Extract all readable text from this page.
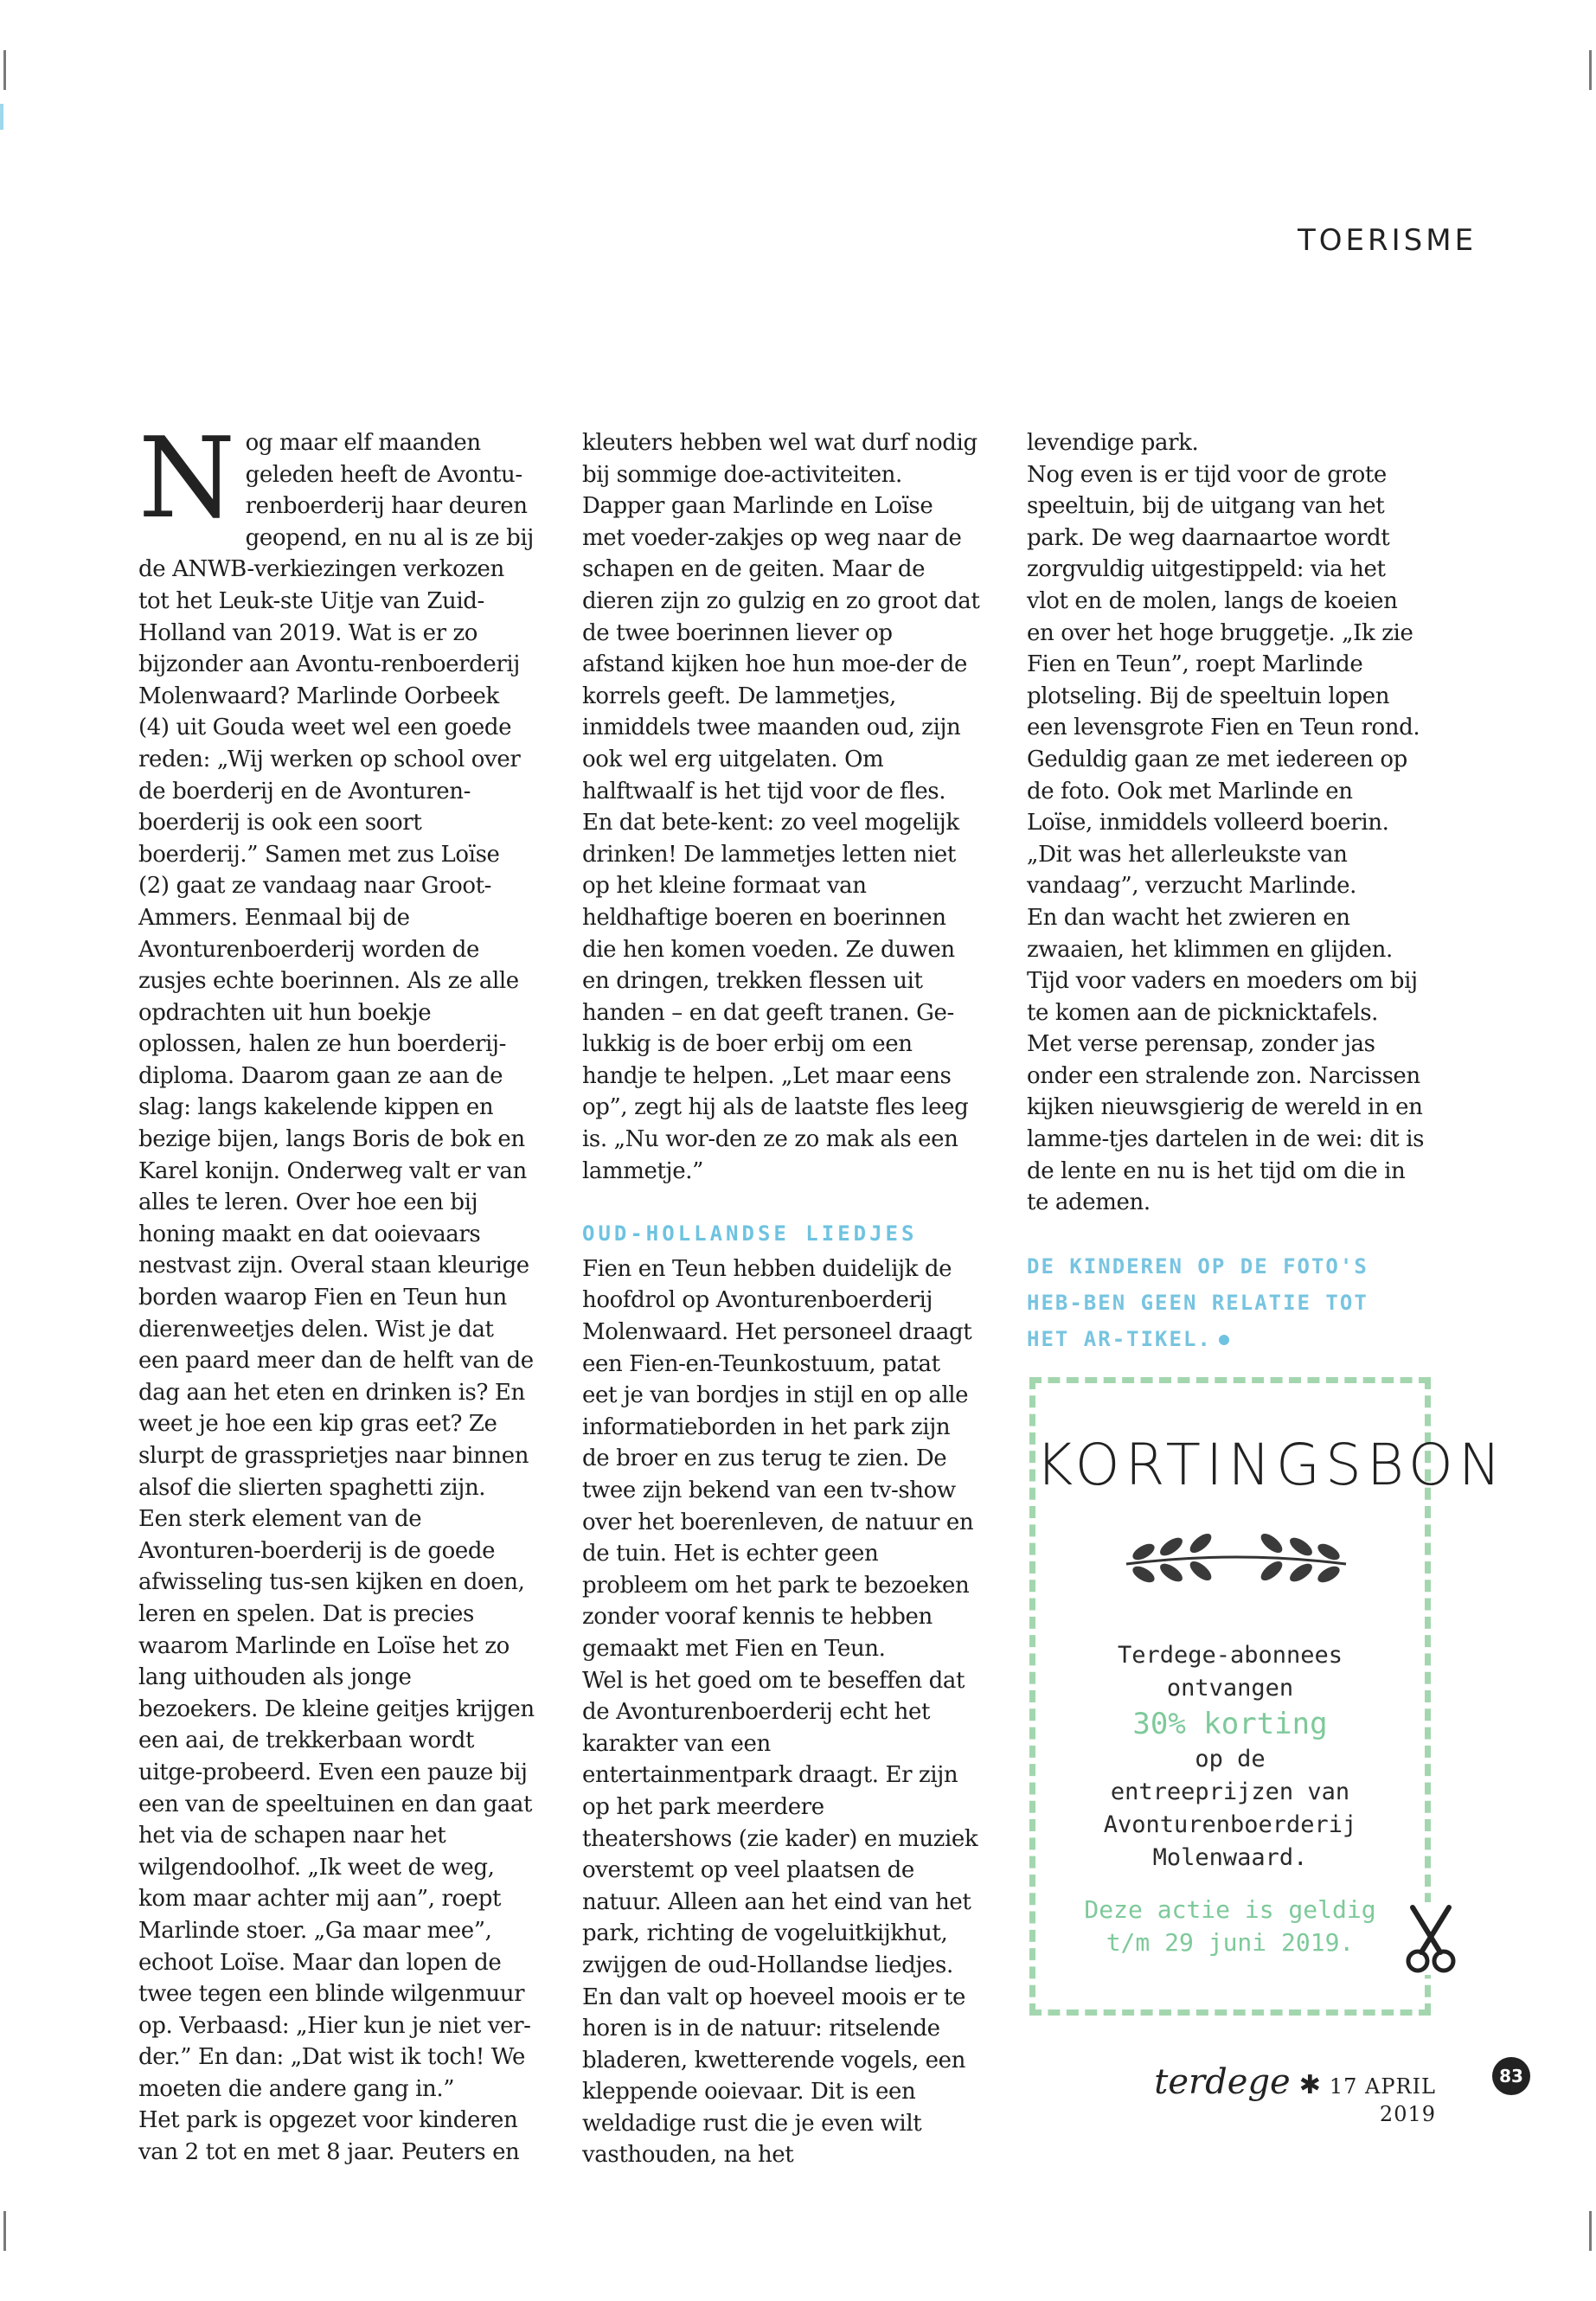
TOERISME

Nog maar elf maanden geleden heeft de Avontu-renboerderij haar deuren geopend, en nu al is ze bij de ANWB-verkiezingen verkozen tot het Leuk-ste Uitje van Zuid-Holland van 2019. Wat is er zo bijzonder aan Avontu-renboerderij Molenwaard? Marlinde Oorbeek (4) uit Gouda weet wel een goede reden: „Wij werken op school over de boerderij en de Avonturen-boerderij is ook een soort boerderij.” Samen met zus Loïse (2) gaat ze vandaag naar Groot-Ammers. Eenmaal bij de Avonturenboerderij worden de zusjes echte boerinnen. Als ze alle opdrachten uit hun boekje oplossen, halen ze hun boerderij-diploma. Daarom gaan ze aan de slag: langs kakelende kippen en bezige bijen, langs Boris de bok en Karel konijn. Onderweg valt er van alles te leren. Over hoe een bij honing maakt en dat ooievaars nestvast zijn. Overal staan kleurige borden waarop Fien en Teun hun dierenweetjes delen. Wist je dat een paard meer dan de helft van de dag aan het eten en drinken is? En weet je hoe een kip gras eet? Ze slurpt de grassprietjes naar binnen alsof die slierten spaghetti zijn.

Een sterk element van de Avonturen-boerderij is de goede afwisseling tus-sen kijken en doen, leren en spelen. Dat is precies waarom Marlinde en Loïse het zo lang uithouden als jonge bezoekers. De kleine geitjes krijgen een aai, de trekkerbaan wordt uitge-probeerd. Even een pauze bij een van de speeltuinen en dan gaat het via de schapen naar het wilgendoolhof. „Ik weet de weg, kom maar achter mij aan”, roept Marlinde stoer. „Ga maar mee”, echoot Loïse. Maar dan lopen de twee tegen een blinde wilgenmuur op. Verbaasd: „Hier kun je niet ver-der.” En dan: „Dat wist ik toch! We moeten die andere gang in.”

Het park is opgezet voor kinderen van 2 tot en met 8 jaar. Peuters en

kleuters hebben wel wat durf nodig bij sommige doe-activiteiten. Dapper gaan Marlinde en Loïse met voeder-zakjes op weg naar de schapen en de geiten. Maar de dieren zijn zo gulzig en zo groot dat de twee boerinnen liever op afstand kijken hoe hun moe-der de korrels geeft. De lammetjes, inmiddels twee maanden oud, zijn ook wel erg uitgelaten. Om halftwaalf is het tijd voor de fles. En dat bete-kent: zo veel mogelijk drinken! De lammetjes letten niet op het kleine formaat van heldhaftige boeren en boerinnen die hen komen voeden. Ze duwen en dringen, trekken flessen uit handen – en dat geeft tranen. Ge-lukkig is de boer erbij om een handje te helpen. „Let maar eens op”, zegt hij als de laatste fles leeg is. „Nu wor-den ze zo mak als een lammetje.”

OUD-HOLLANDSE LIEDJES

Fien en Teun hebben duidelijk de hoofdrol op Avonturenboerderij Molenwaard. Het personeel draagt een Fien-en-Teunkostuum, patat eet je van bordjes in stijl en op alle informatieborden in het park zijn de broer en zus terug te zien. De twee zijn bekend van een tv-show over het boerenleven, de natuur en de tuin. Het is echter geen probleem om het park te bezoeken zonder vooraf kennis te hebben gemaakt met Fien en Teun.

Wel is het goed om te beseffen dat de Avonturenboerderij echt het karakter van een entertainmentpark draagt. Er zijn op het park meerdere theatershows (zie kader) en muziek overstemt op veel plaatsen de natuur. Alleen aan het eind van het park, richting de vogeluitkijkhut, zwijgen de oud-Hollandse liedjes. En dan valt op hoeveel moois er te horen is in de natuur: ritselende bladeren, kwetterende vogels, een kleppende ooievaar. Dit is een weldadige rust die je even wilt vasthouden, na het

levendige park.

Nog even is er tijd voor de grote speeltuin, bij de uitgang van het park. De weg daarnaartoe wordt zorgvuldig uitgestippeld: via het vlot en de molen, langs de koeien en over het hoge bruggetje. „Ik zie Fien en Teun”, roept Marlinde plotseling. Bij de speeltuin lopen een levensgrote Fien en Teun rond. Geduldig gaan ze met iedereen op de foto. Ook met Marlinde en Loïse, inmiddels volleerd boerin. „Dit was het allerleukste van vandaag”, verzucht Marlinde.

En dan wacht het zwieren en zwaaien, het klimmen en glijden. Tijd voor vaders en moeders om bij te komen aan de picknicktafels. Met verse perensap, zonder jas onder een stralende zon. Narcissen kijken nieuwsgierig de wereld in en lamme-tjes dartelen in de wei: dit is de lente en nu is het tijd om die in te ademen.

DE KINDEREN OP DE FOTO'S HEB-BEN GEEN RELATIE TOT HET AR-TIKEL.
KORTINGSBON
Terdege-abonnees
ontvangen
30% korting
op de
entreeprijzen van
Avonturenboerderij
Molenwaard.
Deze actie is geldig
t/m 29 juni 2019.
terdege ✱ 17 APRIL 2019
83
